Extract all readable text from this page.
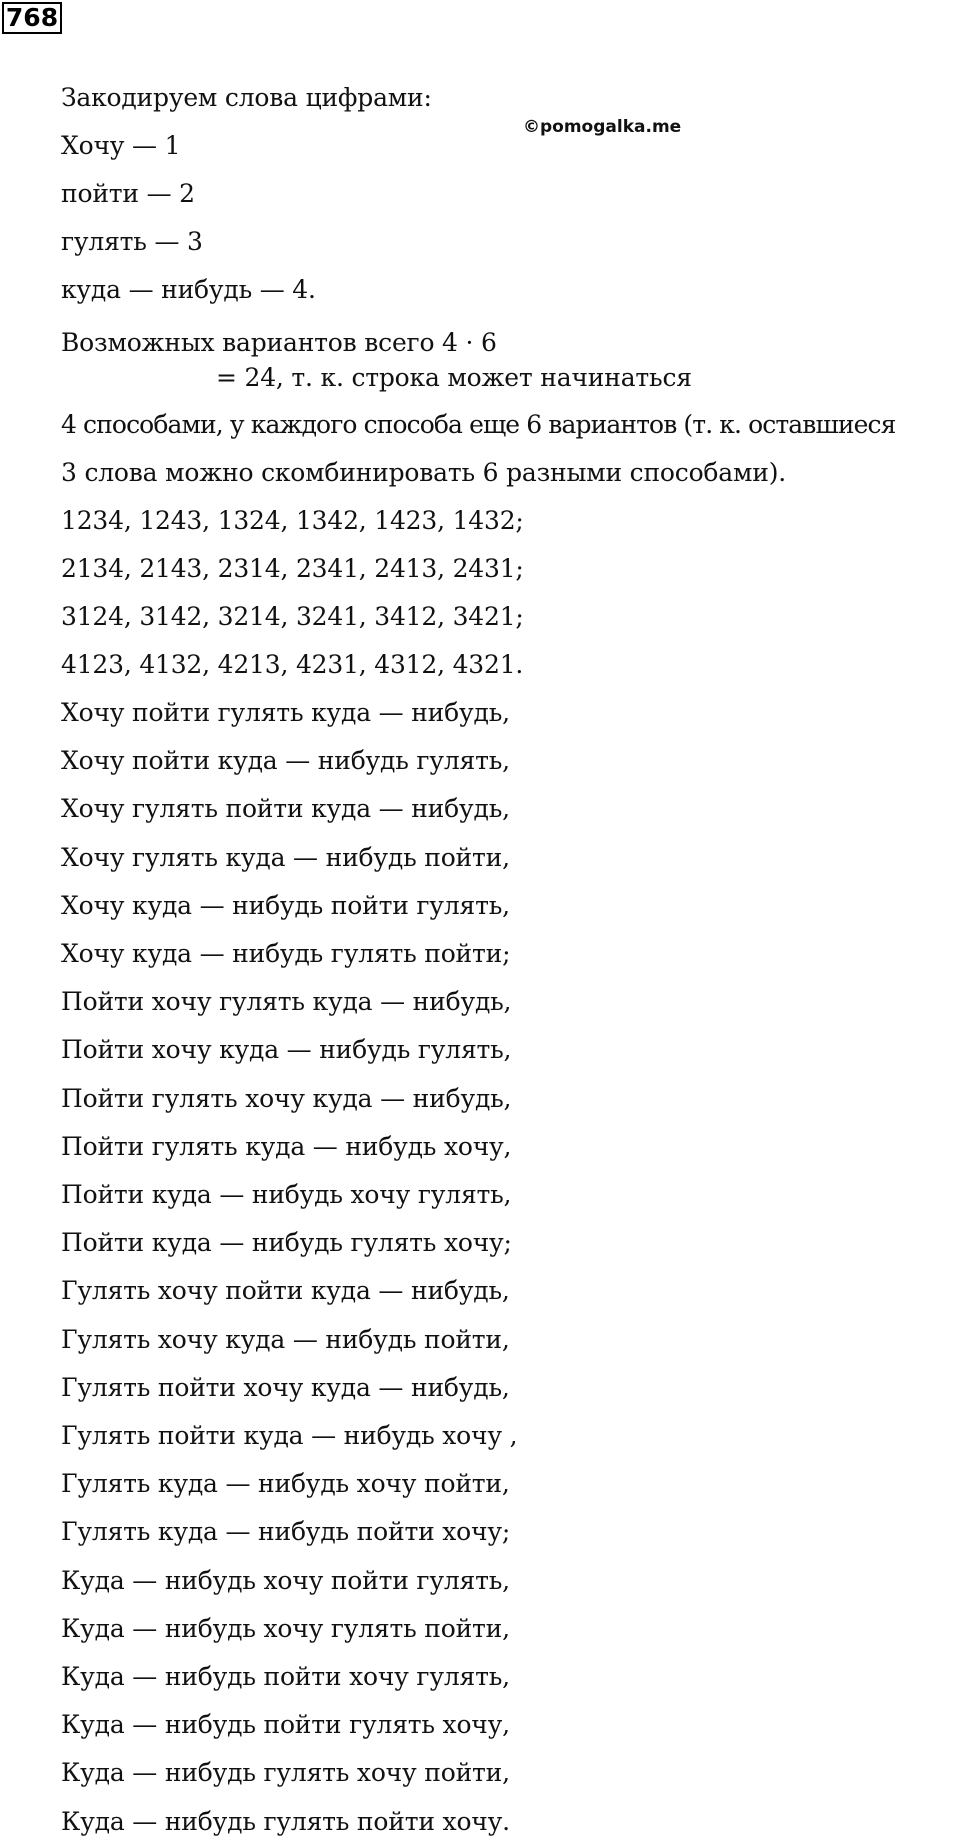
768
©pomogalka.me
Закодируем слова цифрами:
Хочу — 1
пойти — 2
гулять — 3
куда — нибудь — 4.
Возможных вариантов всего 4 · 6
= 24, т. к. строка может начинаться
4 способами, у каждого способа еще 6 вариантов (т. к. оставшиеся
3 слова можно скомбинировать 6 разными способами).
1234, 1243, 1324, 1342, 1423, 1432;
2134, 2143, 2314, 2341, 2413, 2431;
3124, 3142, 3214, 3241, 3412, 3421;
4123, 4132, 4213, 4231, 4312, 4321.
Хочу пойти гулять куда — нибудь,
Хочу пойти куда — нибудь гулять,
Хочу гулять пойти куда — нибудь,
Хочу гулять куда — нибудь пойти,
Хочу куда — нибудь пойти гулять,
Хочу куда — нибудь гулять пойти;
Пойти хочу гулять куда — нибудь,
Пойти хочу куда — нибудь гулять,
Пойти гулять хочу куда — нибудь,
Пойти гулять куда — нибудь хочу,
Пойти куда — нибудь хочу гулять,
Пойти куда — нибудь гулять хочу;
Гулять хочу пойти куда — нибудь,
Гулять хочу куда — нибудь пойти,
Гулять пойти хочу куда — нибудь,
Гулять пойти куда — нибудь хочу ,
Гулять куда — нибудь хочу пойти,
Гулять куда — нибудь пойти хочу;
Куда — нибудь хочу пойти гулять,
Куда — нибудь хочу гулять пойти,
Куда — нибудь пойти хочу гулять,
Куда — нибудь пойти гулять хочу,
Куда — нибудь гулять хочу пойти,
Куда — нибудь гулять пойти хочу.
